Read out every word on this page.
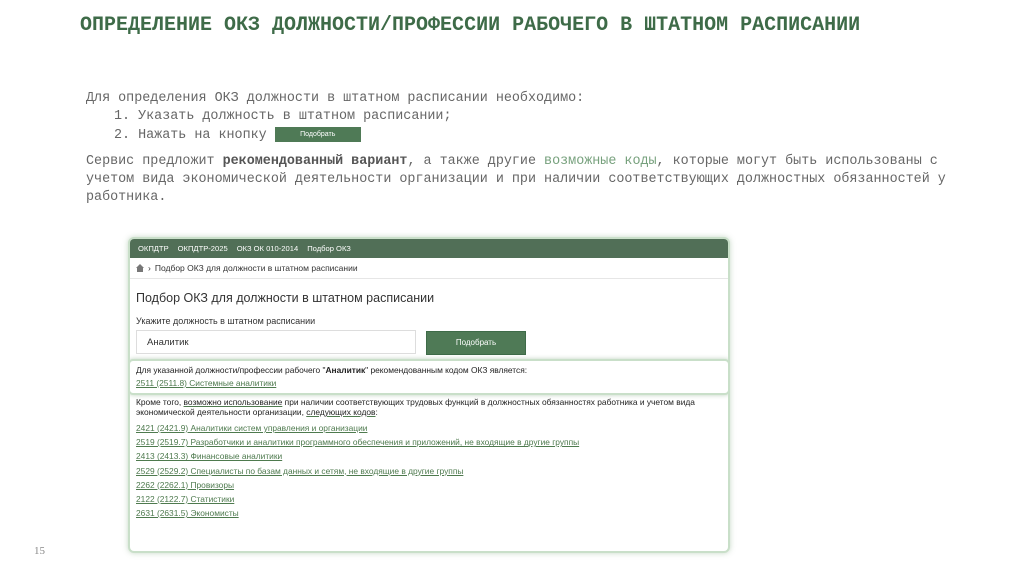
ОПРЕДЕЛЕНИЕ ОКЗ ДОЛЖНОСТИ/ПРОФЕССИИ РАБОЧЕГО В ШТАТНОМ РАСПИСАНИИ
Для определения ОКЗ должности в штатном расписании необходимо:
1. Указать должность в штатном расписании;
2. Нажать на кнопку	Подобрать
Сервис предложит рекомендованный вариант, а также другие возможные коды, которые могут быть использованы с учетом вида экономической деятельности организации и при наличии соответствующих должностных обязанностей у работника.
ОКПДТР ОКПДТР-2025 ОКЗ ОК 010-2014 Подбор ОКЗ
› Подбор ОКЗ для должности в штатном расписании
Подбор ОКЗ для должности в штатном расписании
Укажите должность в штатном расписании
Аналитик	Подобрать
Для указанной должности/профессии рабочего "Аналитик" рекомендованным кодом ОКЗ является:
2511 (2511.8) Системные аналитики
Кроме того, возможно использование при наличии соответствующих трудовых функций в должностных обязанностях работника и учетом вида экономической деятельности организации, следующих кодов:
2421 (2421.9) Аналитики систем управления и организации
2519 (2519.7) Разработчики и аналитики программного обеспечения и приложений, не входящие в другие группы
2413 (2413.3) Финансовые аналитики
2529 (2529.2) Специалисты по базам данных и сетям, не входящие в другие группы
2262 (2262.1) Провизоры
2122 (2122.7) Статистики
2631 (2631.5) Экономисты
15
